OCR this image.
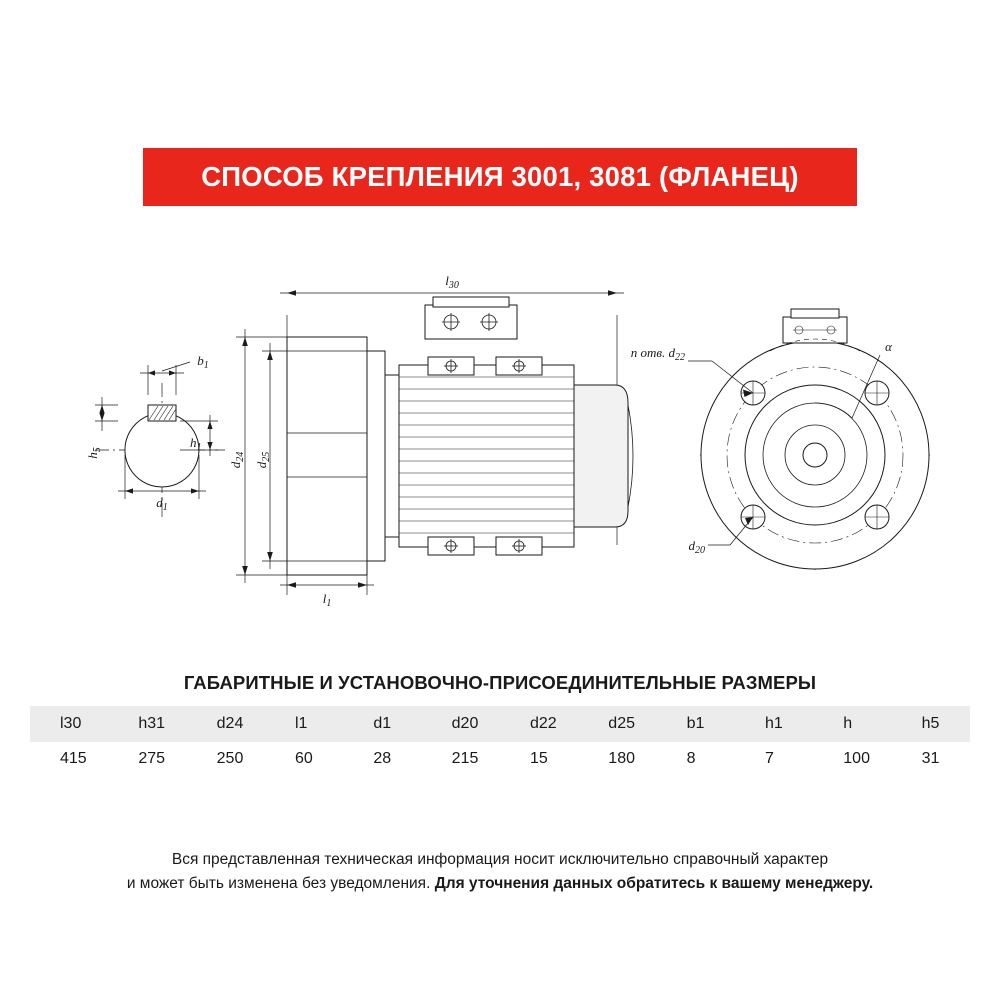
СПОСОБ КРЕПЛЕНИЯ 3001, 3081 (ФЛАНЕЦ)
$b_1$
$h_5$	$h_1$
$d_1$
$l_{30}$
$d_{24}$
$d_{25}$
$l_1$
n отв. $d_{22}$
α
$d_{20}$
ГАБАРИТНЫЕ И УСТАНОВОЧНО-ПРИСОЕДИНИТЕЛЬНЫЕ РАЗМЕРЫ
l30	h31	d24	l1	d1	d20	d22	d25	b1	h1	h	h5
415	275	250	60	28	215	15	180	8	7	100	31
Вся представленная техническая информация носит исключительно справочный характер
и может быть изменена без уведомления. Для уточнения данных обратитесь к вашему менеджеру.
